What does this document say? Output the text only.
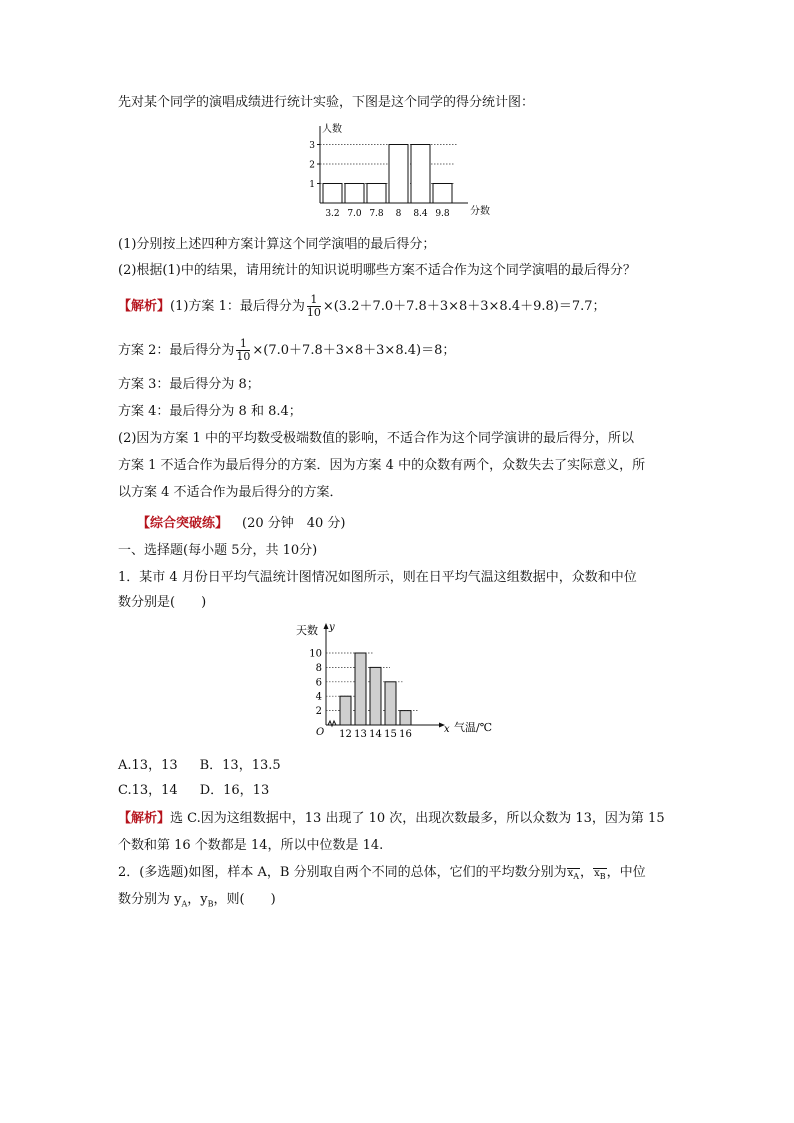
先对某个同学的演唱成绩进行统计实验，下图是这个同学的得分统计图：
人数
分数
1
2
3
3.2 7.0 7.8 8 8.4 9.8
(1)分别按上述四种方案计算这个同学演唱的最后得分；
(2)根据(1)中的结果，请用统计的知识说明哪些方案不适合作为这个同学演唱的最后得分？
【解析】(1)方案 1：最后得分为 $\frac{1}{10} \times(3.2+7.0+7.8+3\times 8+3\times 8.4+9.8)=7.7$；
方案 2：最后得分为 $\frac{1}{10} \times(7.0+7.8+3\times 8+3\times 8.4)=8$；
方案 3：最后得分为 8；
方案 4：最后得分为 8 和 8.4；
(2)因为方案 1 中的平均数受极端数值的影响，不适合作为这个同学演讲的最后得分，所以
方案 1 不适合作为最后得分的方案．因为方案 4 中的众数有两个，众数失去了实际意义，所
以方案 4 不适合作为最后得分的方案．
【综合突破练】 (20 分钟　40 分)
一、选择题(每小题 5分，共 10分)
1．某市 4 月份日平均气温统计图情况如图所示，则在日平均气温这组数据中，众数和中位
数分别是(　　)
天数 y
x 气温/℃
O
2
4
6
8
10
12 13 14 15 16
A.13，13 B．13，13.5
C.13，14 D．16，13
【解析】选 C.因为这组数据中，13 出现了 10 次，出现次数最多，所以众数为 13，因为第 15
个数和第 16 个数都是 14，所以中位数是 14.
2．(多选题)如图，样本 A，B 分别取自两个不同的总体，它们的平均数分别为$x_A$，$x_B$，中位
数分别为 $y_A$，$y_B$，则(　　)
